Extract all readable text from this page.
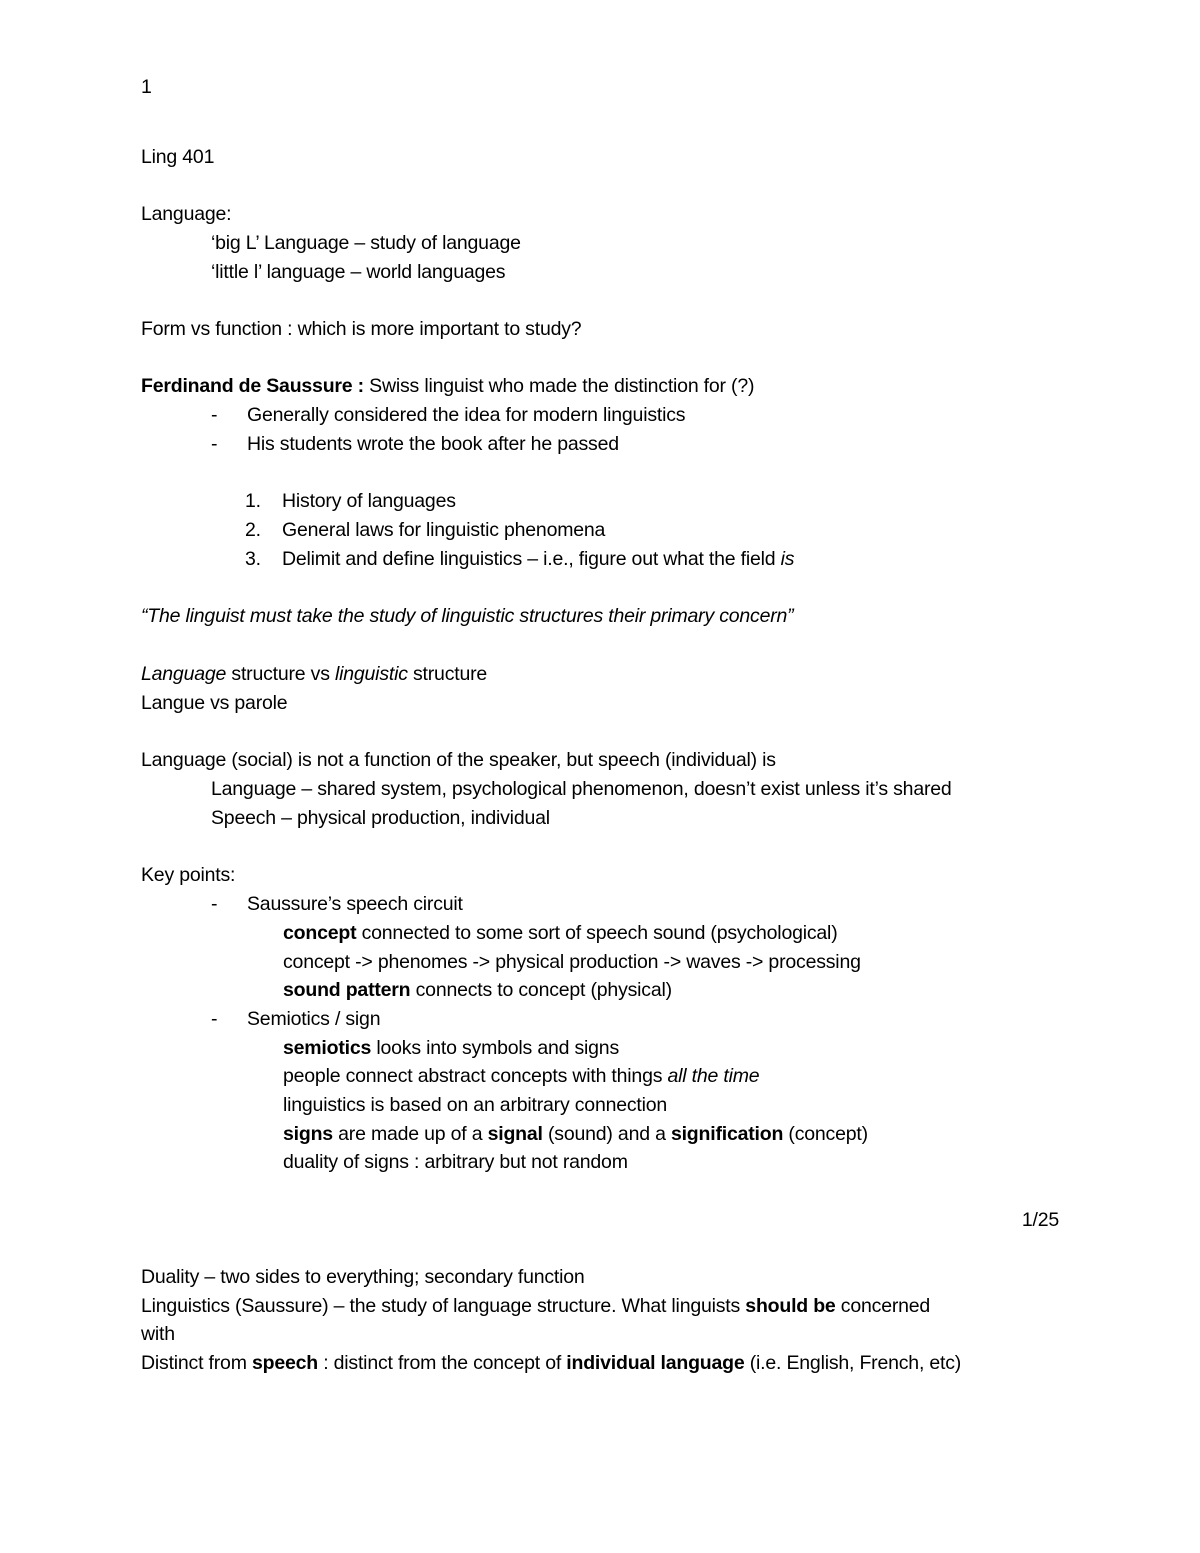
1
Ling 401
Language:
‘big L’ Language – study of language
‘little l’ language – world languages
Form vs function : which is more important to study?
Ferdinand de Saussure : Swiss linguist who made the distinction for (?)
- Generally considered the idea for modern linguistics
- His students wrote the book after he passed
1. History of languages
2. General laws for linguistic phenomena
3. Delimit and define linguistics – i.e., figure out what the field is
“The linguist must take the study of linguistic structures their primary concern”
Language structure vs linguistic structure
Langue vs parole
Language (social) is not a function of the speaker, but speech (individual) is
Language – shared system, psychological phenomenon, doesn’t exist unless it’s shared
Speech – physical production, individual
Key points:
- Saussure’s speech circuit
concept connected to some sort of speech sound (psychological)
concept -> phenomes -> physical production -> waves -> processing
sound pattern connects to concept (physical)
- Semiotics / sign
semiotics looks into symbols and signs
people connect abstract concepts with things all the time
linguistics is based on an arbitrary connection
signs are made up of a signal (sound) and a signification (concept)
duality of signs : arbitrary but not random
1/25
Duality – two sides to everything; secondary function
Linguistics (Saussure) – the study of language structure. What linguists should be concerned
with
Distinct from speech : distinct from the concept of individual language (i.e. English, French, etc)
